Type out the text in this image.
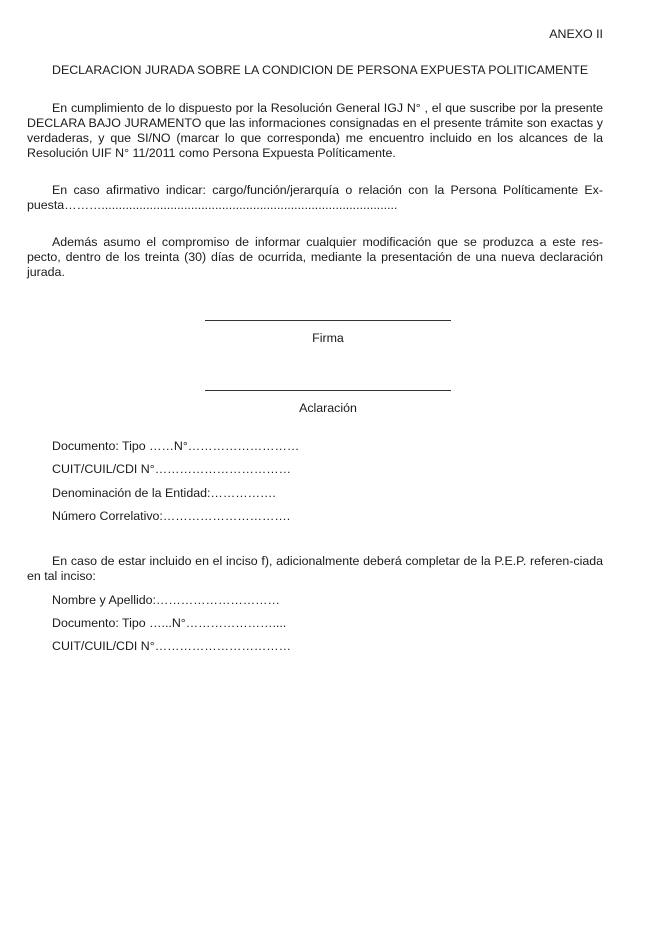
ANEXO II
DECLARACION JURADA SOBRE LA CONDICION DE PERSONA EXPUESTA POLITICAMENTE
En cumplimiento de lo dispuesto por la Resolución General IGJ N° , el que suscribe por la presente DECLARA BAJO JURAMENTO que las informaciones consignadas en el presente trámite son exactas y verdaderas, y que SI/NO (marcar lo que corresponda) me encuentro incluido en los alcances de la Resolución UIF N° 11/2011 como Persona Expuesta Políticamente.
En caso afirmativo indicar: cargo/función/jerarquía o relación con la Persona Políticamente Ex-puesta………......................................................................................
Además asumo el compromiso de informar cualquier modificación que se produzca a este res-pecto, dentro de los treinta (30) días de ocurrida, mediante la presentación de una nueva declaración jurada.
Firma
Aclaración
Documento: Tipo ……N°………………………
CUIT/CUIL/CDI N°……………………………
Denominación de la Entidad:…………….
Número Correlativo:………………………….
En caso de estar incluido en el inciso f), adicionalmente deberá completar de la P.E.P. referen-ciada en tal inciso:
Nombre y Apellido:…………………………
Documento: Tipo …...N°…………………....
CUIT/CUIL/CDI N°……………………………
